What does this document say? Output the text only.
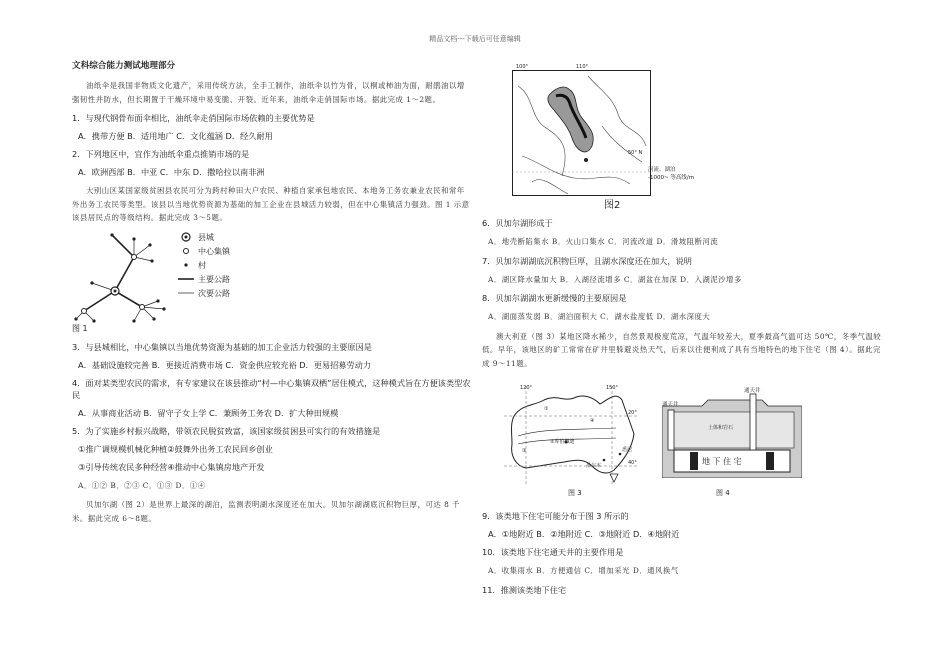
精品文档---下载后可任意编辑
文科综合能力测试地理部分
油纸伞是我国非物质文化遗产，采用传统方法，全手工制作，油纸伞以竹为骨，以桐或柿油为面，耐鹃油以增强韧性并防水，但长期置于干燥环境中易变脆、开裂。近年来，油纸伞走俏国际市场。据此完成 1～2题。
1．与现代钢骨布面伞相比，油纸伞走俏国际市场依赖的主要优势是
A．携带方便 B．适用地广 C．文化蕴涵 D．经久耐用
2．下列地区中，宜作为油纸伞重点推销市场的是
A．欧洲西部 B．中亚 C．中东 D．撒哈拉以南非洲
大别山区某国家级贫困县农民可分为跨村种田大户农民、种植自家承包地农民、本地务工务农兼业农民和常年外出务工农民等类型。该县以当地优势资源为基础的加工企业在县城活力较弱，但在中心集镇活力强劲。图 1 示意该县居民点的等级结构。据此完成 3～5题。
县城
中心集镇
村
主要公路
次要公路
图 1
3．与县城相比，中心集镇以当地优势资源为基础的加工企业活力较强的主要原因是
A．基础设施较完善 B．更接近消费市场 C．资金供应较充裕 D．更易招募劳动力
4．面对某类型农民的需求，有专家建议在该县推动“村—中心集镇双栖”居住模式，这种模式旨在方便该类型农民
A．从事商业活动 B．留守子女上学 C．兼顾务工务农 D．扩大种田规模
5．为了实施乡村振兴战略，带领农民脱贫致富，该国家级贫困县可实行的有效措施是
①推广调规模机械化种植②鼓舞外出务工农民回乡创业
③引导传统农民多种经营④推动中心集镇房地产开发
A．①② B．②③ C．①③ D．①④
贝加尔湖（图 2）是世界上最深的湖泊，监测表明湖水深度还在加大。贝加尔湖湖底沉积物巨厚，可达 8 千米。据此完成 6～8题。
100°	110°
50° N
河流、湖泊
-1000~ 等高线/m
图2
6．贝加尔湖形成于
A．地壳断陷集水 B．火山口集水 C．河流改道 D．滑坡阻断河流
7．贝加尔湖湖底沉积物巨厚，且湖水深度还在加大，说明
A．湖区降水量加大 B．入湖径流增多 C．湖盆在加深 D．入湖泥沙增多
8．贝加尔湖湖水更新缓慢的主要原因是
A．湖面蒸发弱 B．湖泊面积大 C．湖水盐度低 D．湖水深度大
澳大利亚（图 3）某地区降水稀少，自然景观极度荒凉，气温年较差大，夏季最高气温可达 50℃，冬季气温较低。早年，该地区的矿工常常在矿井里躲避炎热天气，后来以往便利成了具有当地特色的地下住宅（图 4）。据此完成 9～11题。
120°	150°
20°
40°
②库伯佩迪
①
③
④
墨尔本
悉尼
图 3
通天井
通天井
土体和岩石
地 下 住 宅
图 4
9．该类地下住宅可能分布于图 3 所示的
A．①地附近 B．②地附近 C．③地附近 D．④地附近
10．该类地下住宅通天井的主要作用是
A．收集雨水 B．方便通信 C．增加采光 D．通风换气
11．推测该类地下住宅
